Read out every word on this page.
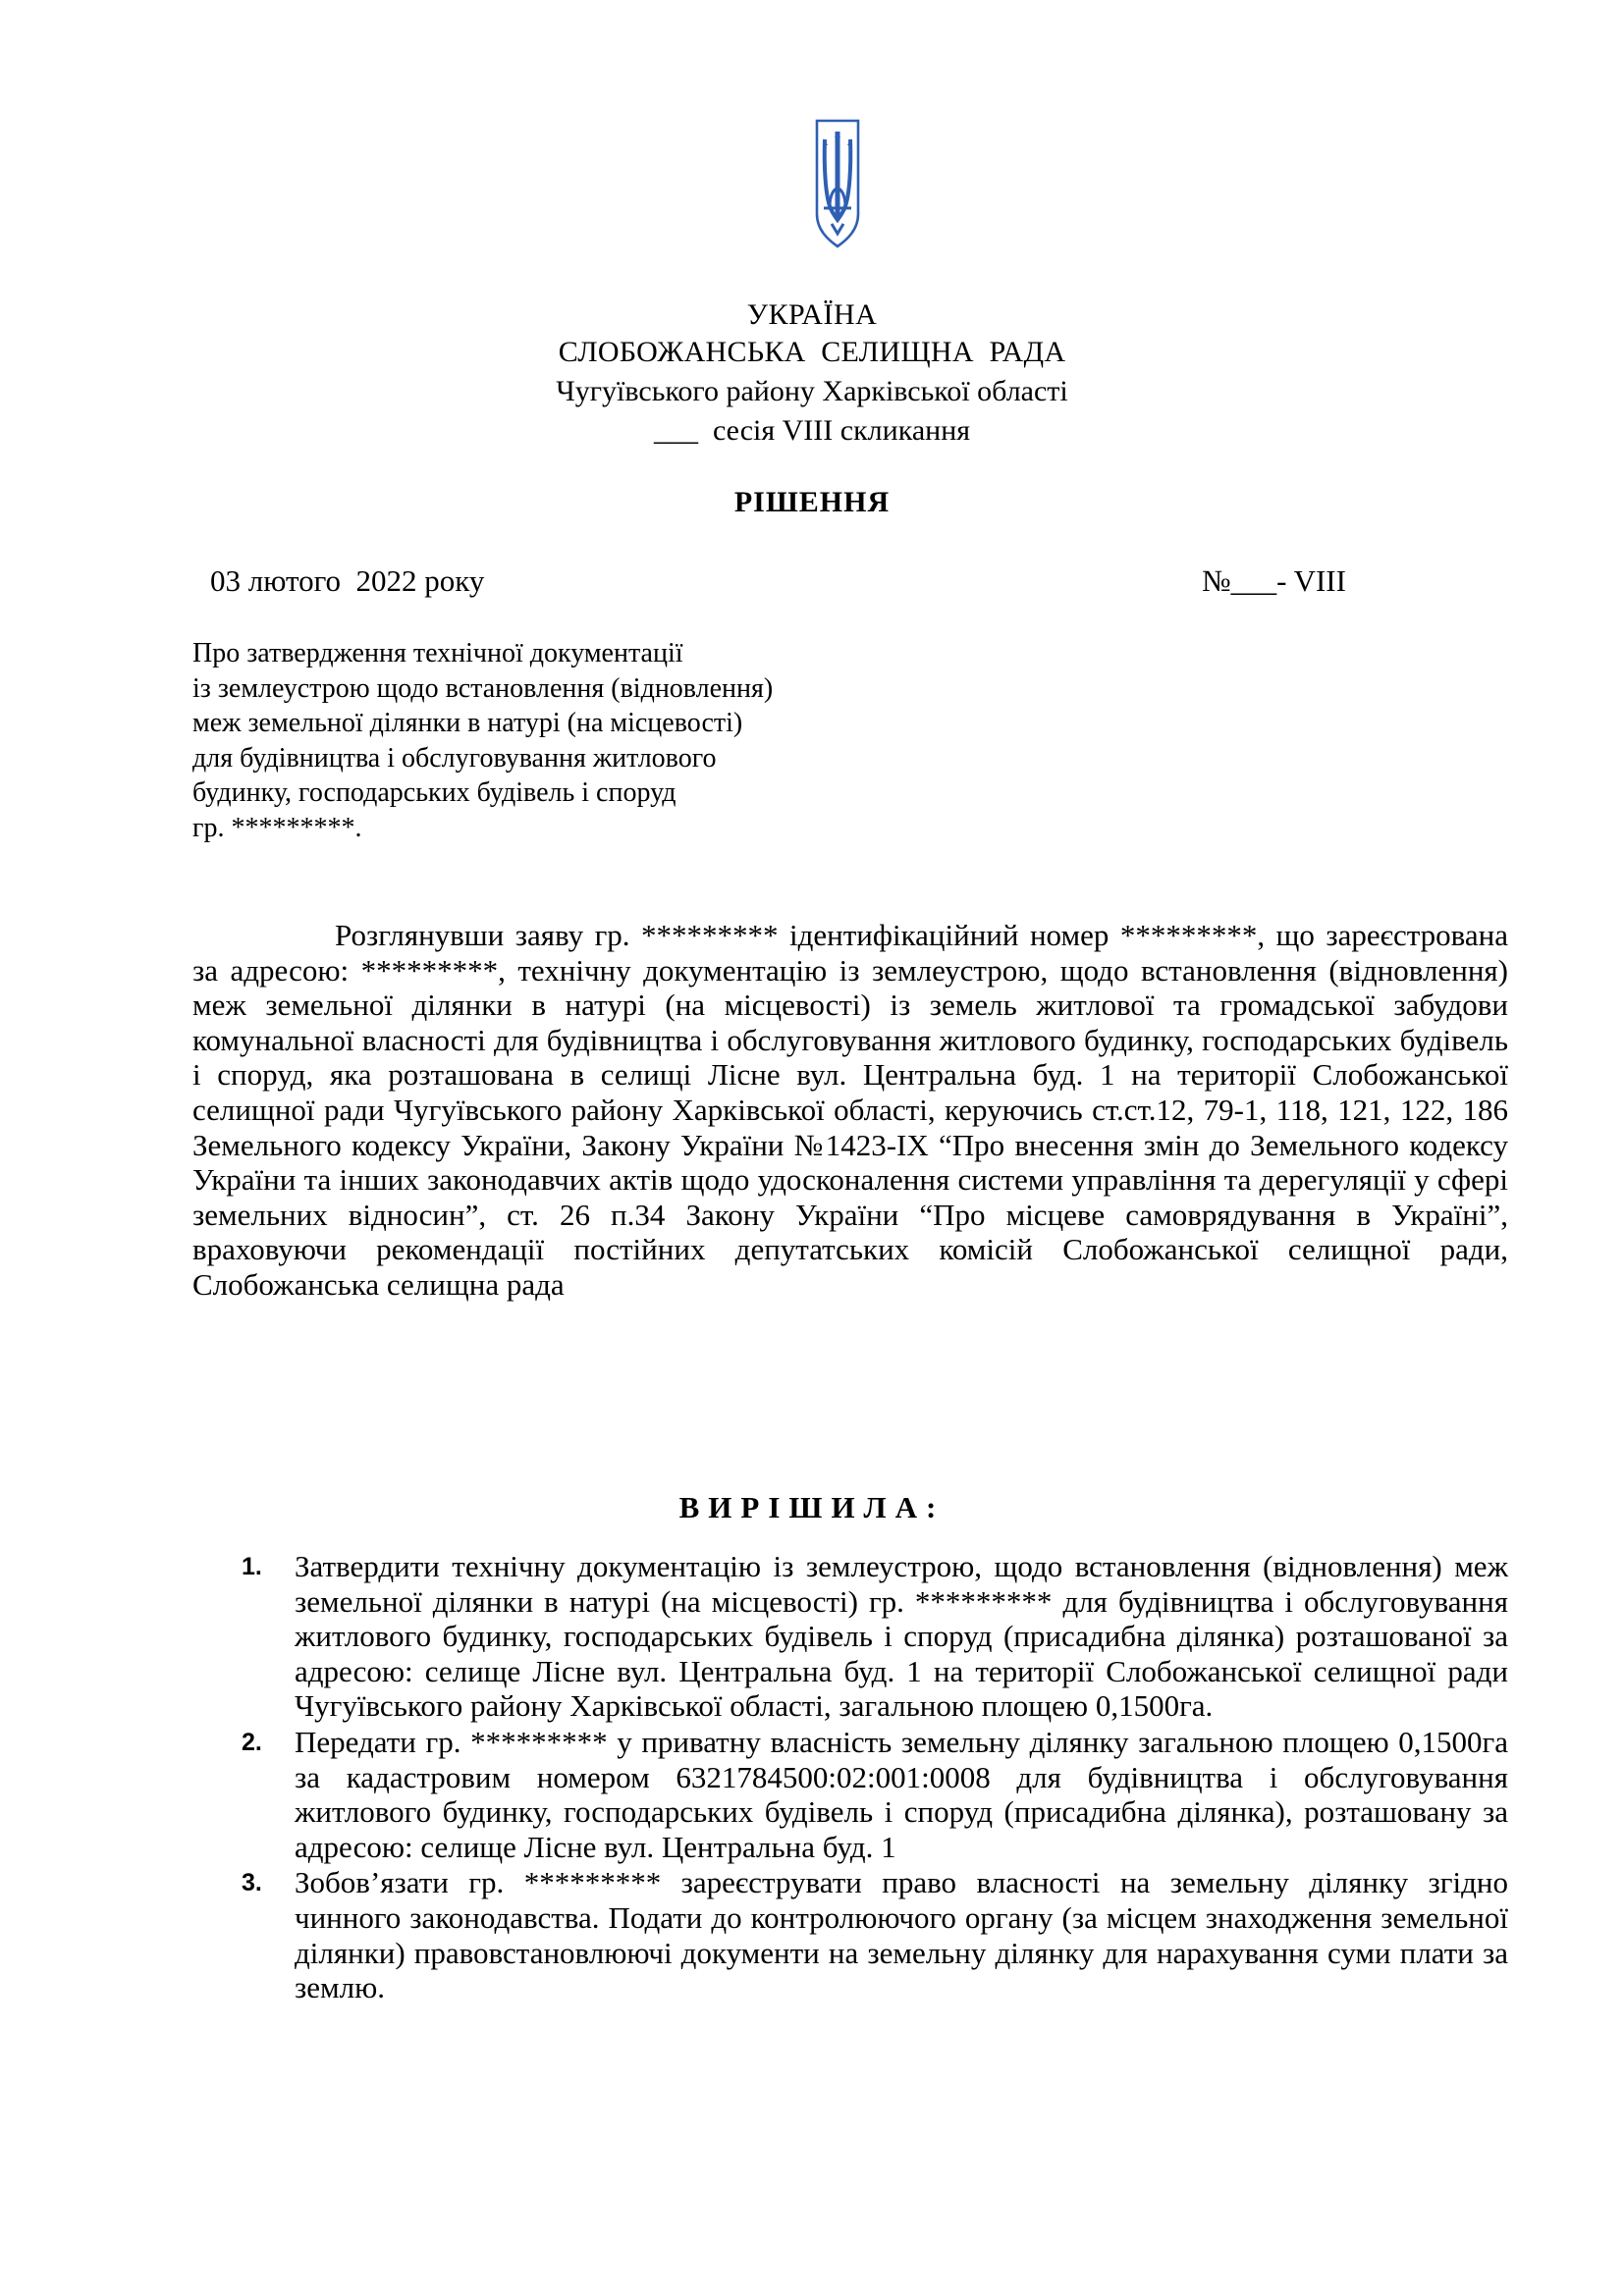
УКРАЇНА
СЛОБОЖАНСЬКА  СЕЛИЩНА  РАДА
Чугуївського району Харківської області
___  сесія VIII скликання
РІШЕННЯ
03 лютого  2022 року	№___- VIII
Про затвердження технічної документації
із землеустрою щодо встановлення (відновлення)
меж земельної ділянки в натурі (на місцевості)
для будівництва і обслуговування житлового
будинку, господарських будівель і споруд
гр. *********.
Розглянувши заяву гр. ********* ідентифікаційний номер *********, що зареєстрована за адресою: *********, технічну документацію із землеустрою, щодо встановлення (відновлення) меж земельної ділянки в натурі (на місцевості) із земель житлової та громадської забудови комунальної власності для будівництва і обслуговування житлового будинку, господарських будівель і споруд, яка розташована в селищі Лісне вул. Центральна буд. 1 на території Слобожанської селищної ради Чугуївського району Харківської області, керуючись ст.ст.12, 79-1, 118, 121, 122, 186 Земельного кодексу України, Закону України №1423-IX “Про внесення змін до Земельного кодексу України та інших законодавчих актів щодо удосконалення системи управління та дерегуляції у сфері земельних відносин”, ст. 26 п.34 Закону України “Про місцеве самоврядування в Україні”, враховуючи рекомендації постійних депутатських комісій Слобожанської селищної ради, Слобожанська селищна рада
ВИРІШИЛА:
1. Затвердити технічну документацію із землеустрою, щодо встановлення (відновлення) меж земельної ділянки в натурі (на місцевості) гр. ********* для будівництва і обслуговування житлового будинку, господарських будівель і споруд (присадибна ділянка) розташованої за адресою: селище Лісне вул. Центральна буд. 1 на території Слобожанської селищної ради Чугуївського району Харківської області, загальною площею 0,1500га.
2. Передати гр. ********* у приватну власність земельну ділянку загальною площею 0,1500га за кадастровим номером 6321784500:02:001:0008 для будівництва і обслуговування житлового будинку, господарських будівель і споруд (присадибна ділянка), розташовану за адресою: селище Лісне вул. Центральна буд. 1
3. Зобов’язати гр. ********* зареєструвати право власності на земельну ділянку згідно чинного законодавства. Подати до контролюючого органу (за місцем знаходження земельної ділянки) правовстановлюючі документи на земельну ділянку для нарахування суми плати за землю.
